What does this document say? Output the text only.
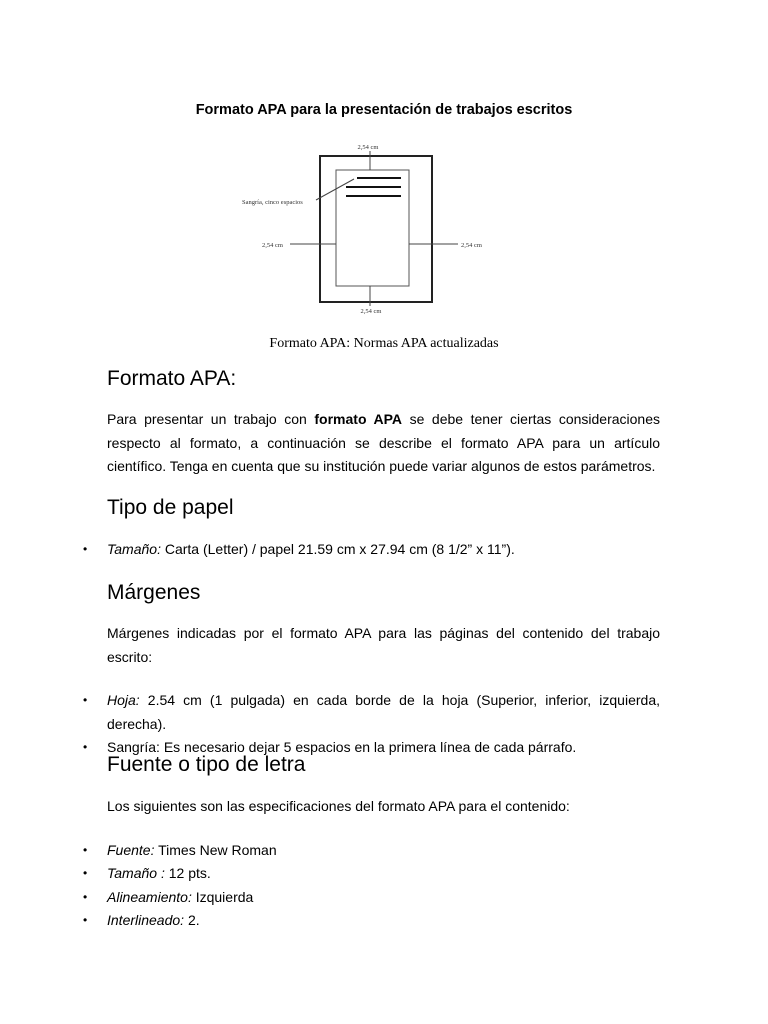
Formato APA para la presentación de trabajos escritos
2,54 cm
2,54 cm
2,54 cm	2,54 cm
Sangría, cinco espacios
Formato APA: Normas APA actualizadas
Formato APA:

Para presentar un trabajo con formato APA se debe tener ciertas consideraciones respecto al formato, a continuación se describe el formato APA para un artículo científico. Tenga en cuenta que su institución puede variar algunos de estos parámetros.

Tipo de papel
• Tamaño: Carta (Letter) / papel 21.59 cm x 27.94 cm (8 1/2” x 11”).
Márgenes

Márgenes indicadas por el formato APA para las páginas del contenido del trabajo escrito:

• Hoja: 2.54 cm (1 pulgada) en cada borde de la hoja (Superior, inferior, izquierda, derecha).
• Sangría: Es necesario dejar 5 espacios en la primera línea de cada párrafo.
Fuente o tipo de letra

Los siguientes son las especificaciones del formato APA para el contenido:

• Fuente: Times New Roman
• Tamaño : 12 pts.
• Alineamiento: Izquierda
• Interlineado: 2.
